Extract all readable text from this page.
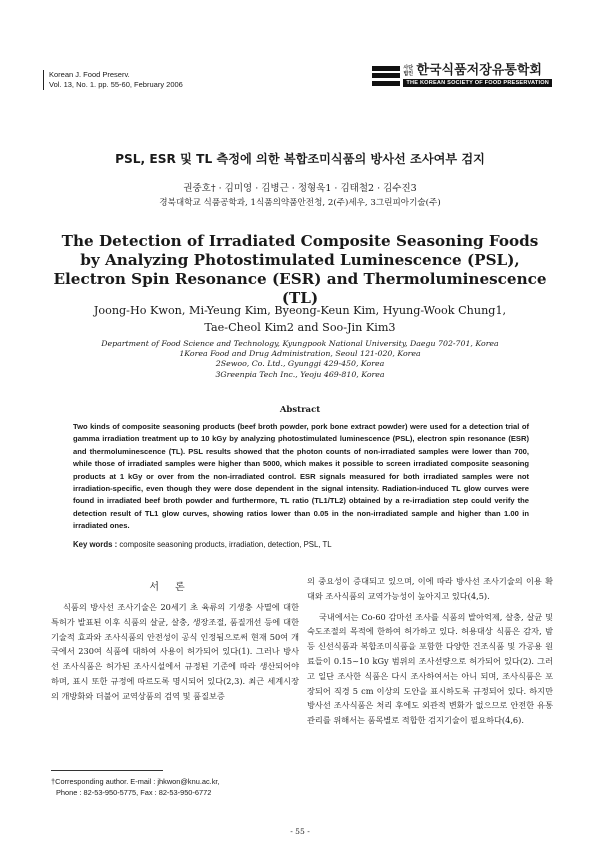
Korean J. Food Preserv.
Vol. 13, No. 1. pp. 55-60, February 2006
사단법인 한국식품저장유통학회
THE KOREAN SOCIETY OF FOOD PRESERVATION
PSL, ESR 및 TL 측정에 의한 복합조미식품의 방사선 조사여부 검지
권중호† · 김미영 · 김병근 · 정형욱1 · 김태철2 · 김수진3
경북대학교 식품공학과, 1식품의약품안전청, 2(주)세우, 3그린피아기술(주)
The Detection of Irradiated Composite Seasoning Foods by Analyzing Photostimulated Luminescence (PSL), Electron Spin Resonance (ESR) and Thermoluminescence (TL)
Joong-Ho Kwon, Mi-Yeung Kim, Byeong-Keun Kim, Hyung-Wook Chung1,
Tae-Cheol Kim2 and Soo-Jin Kim3
Department of Food Science and Technology, Kyungpook National University, Daegu 702-701, Korea
1Korea Food and Drug Administration, Seoul 121-020, Korea
2Sewoo, Co. Ltd., Gyunggi 429-450, Korea
3Greenpia Tech Inc., Yeoju 469-810, Korea
Abstract
Two kinds of composite seasoning products (beef broth powder, pork bone extract powder) were used for a detection trial of gamma irradiation treatment up to 10 kGy by analyzing photostimulated luminescence (PSL), electron spin resonance (ESR) and thermoluminescence (TL). PSL results showed that the photon counts of non-irradiated samples were lower than 700, while those of irradiated samples were higher than 5000, which makes it possible to screen irradiated composite seasoning products at 1 kGy or over from the non-irradiated control. ESR signals measured for both irradiated samples were not irradiation-specific, even though they were dose dependent in the signal intensity. Radiation-induced TL glow curves were found in irradiated beef broth powder and furthermore, TL ratio (TL1/TL2) obtained by a re-irradiation step could verify the detection result of TL1 glow curves, showing ratios lower than 0.05 in the non-irradiated sample and higher than 1.00 in irradiated ones.
Key words : composite seasoning products, irradiation, detection, PSL, TL
서론

식품의 방사선 조사기술은 20세기 초 육류의 기생충 사멸에 대한 특허가 발표된 이후 식품의 살균, 살충, 생장조절, 품질개선 등에 대한 기술적 효과와 조사식품의 안전성이 공식 인정됨으로써 현재 50여 개국에서 230여 식품에 대하여 사용이 허가되어 있다(1). 그러나 방사선 조사식품은 허가된 조사시설에서 규정된 기준에 따라 생산되어야 하며, 표시 또한 규정에 따르도록 명시되어 있다(2,3). 최근 세계시장의 개방화와 더불어 교역상품의 검역 및 품질보증

의 중요성이 증대되고 있으며, 이에 따라 방사선 조사기술의 이용 확대와 조사식품의 교역가능성이 높아지고 있다(4,5).

국내에서는 Co-60 감마선 조사를 식품의 발아억제, 살충, 살균 및 숙도조절의 목적에 한하여 허가하고 있다. 허용대상 식품은 감자, 밤 등 신선식품과 복합조미식품을 포함한 다양한 건조식품 및 가공용 원료들이 0.15~10 kGy 범위의 조사선량으로 허가되어 있다(2). 그러고 일단 조사한 식품은 다시 조사하여서는 아니 되며, 조사식품은 포장되어 직경 5 cm 이상의 도안을 표시하도록 규정되어 있다. 하지만 방사선 조사식품은 처리 후에도 외관적 변화가 없으므로 안전한 유통관리를 위해서는 품목별로 적합한 검지기술이 필요하다(4,6).

†Corresponding author. E-mail : jhkwon@knu.ac.kr,
Phone : 82-53-950-5775, Fax : 82-53-950-6772
- 55 -
